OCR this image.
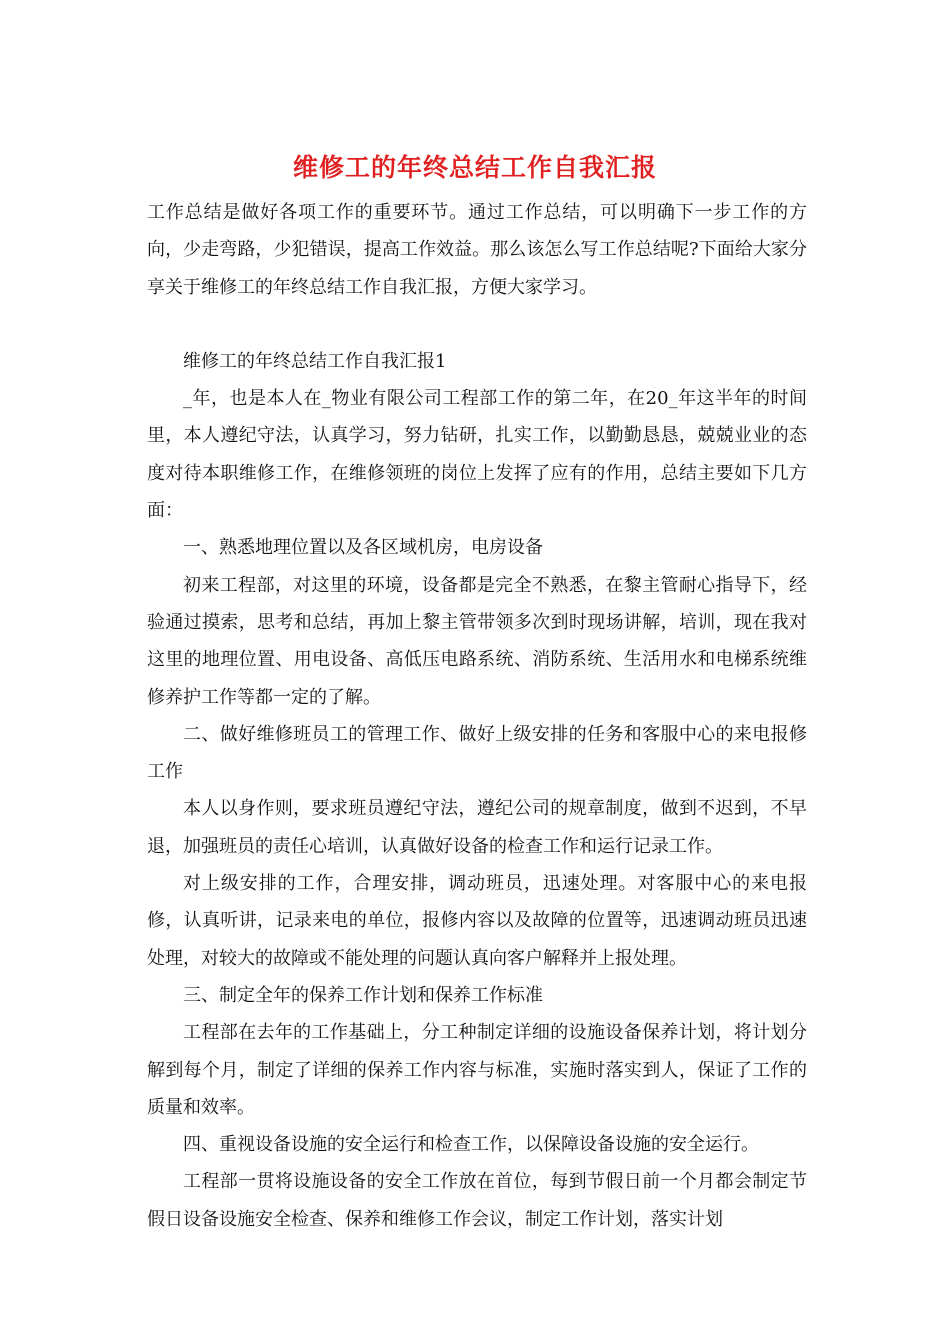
维修工的年终总结工作自我汇报

工作总结是做好各项工作的重要环节。通过工作总结，可以明确下一步工作的方向，少走弯路，少犯错误，提高工作效益。那么该怎么写工作总结呢?下面给大家分享关于维修工的年终总结工作自我汇报，方便大家学习。

维修工的年终总结工作自我汇报1

_年，也是本人在_物业有限公司工程部工作的第二年，在20_年这半年的时间里，本人遵纪守法，认真学习，努力钻研，扎实工作，以勤勤恳恳，兢兢业业的态度对待本职维修工作，在维修领班的岗位上发挥了应有的作用，总结主要如下几方面：

一、熟悉地理位置以及各区域机房，电房设备

初来工程部，对这里的环境，设备都是完全不熟悉，在黎主管耐心指导下，经验通过摸索，思考和总结，再加上黎主管带领多次到时现场讲解，培训，现在我对这里的地理位置、用电设备、高低压电路系统、消防系统、生活用水和电梯系统维修养护工作等都一定的了解。

二、做好维修班员工的管理工作、做好上级安排的任务和客服中心的来电报修工作

本人以身作则，要求班员遵纪守法，遵纪公司的规章制度，做到不迟到，不早退，加强班员的责任心培训，认真做好设备的检查工作和运行记录工作。

对上级安排的工作，合理安排，调动班员，迅速处理。对客服中心的来电报修，认真听讲，记录来电的单位，报修内容以及故障的位置等，迅速调动班员迅速处理，对较大的故障或不能处理的问题认真向客户解释并上报处理。

三、制定全年的保养工作计划和保养工作标准

工程部在去年的工作基础上，分工种制定详细的设施设备保养计划，将计划分解到每个月，制定了详细的保养工作内容与标准，实施时落实到人，保证了工作的质量和效率。

四、重视设备设施的安全运行和检查工作，以保障设备设施的安全运行。

工程部一贯将设施设备的安全工作放在首位，每到节假日前一个月都会制定节假日设备设施安全检查、保养和维修工作会议，制定工作计划，落实计划
